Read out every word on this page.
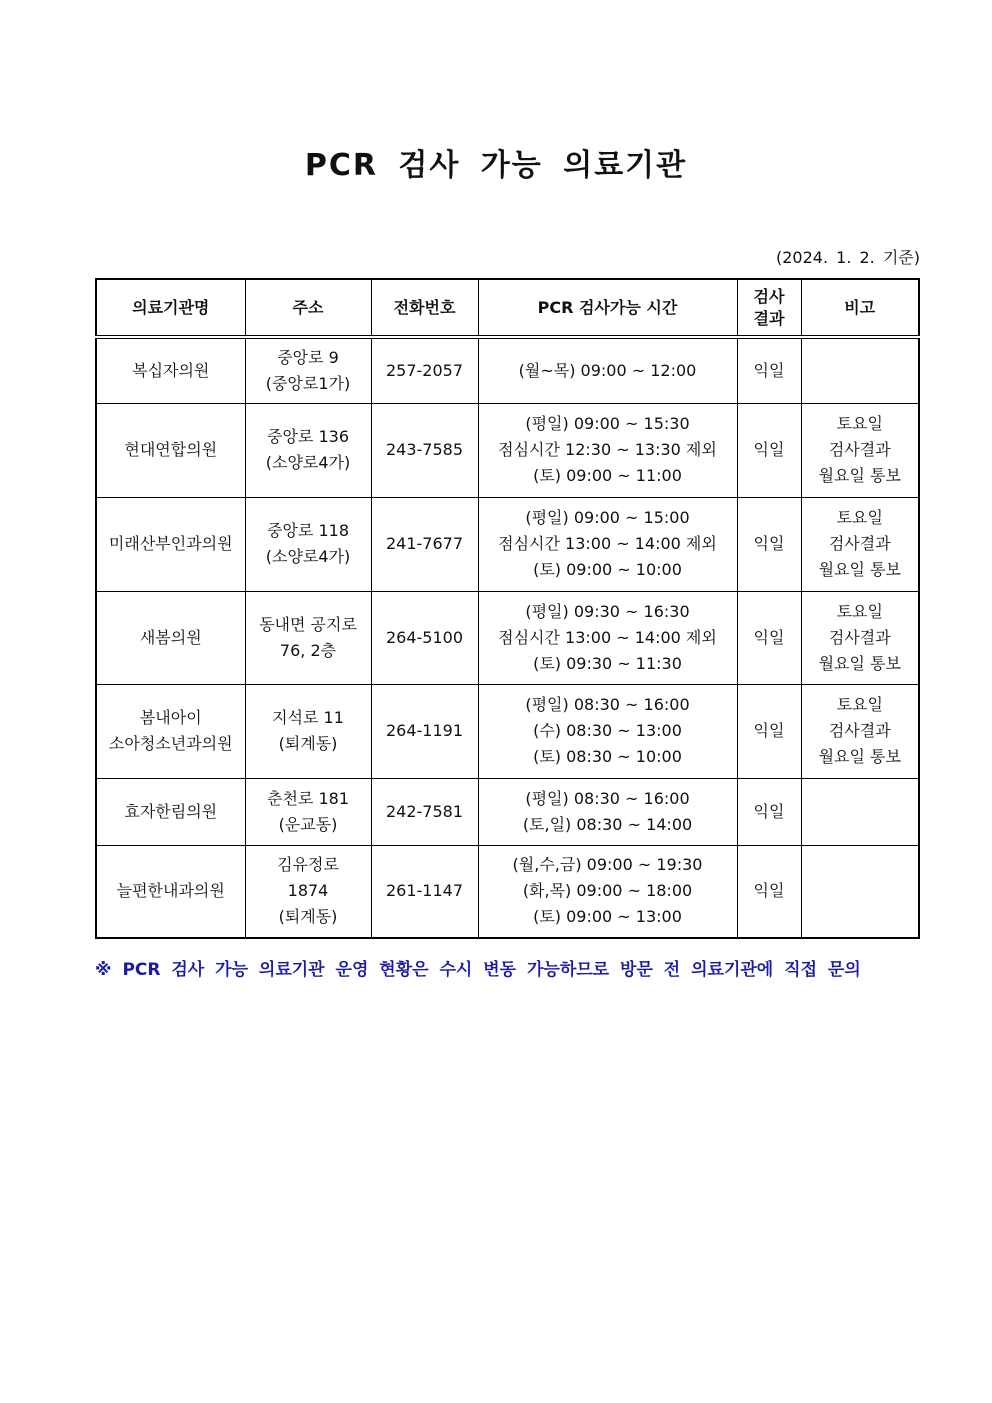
PCR 검사 가능 의료기관
(2024. 1. 2. 기준)
의료기관명	주소	전화번호	PCR 검사가능 시간	검사
결과	비고

복십자의원	중앙로 9
(중앙로1가)	257-2057	(월~목) 09:00 ~ 12:00	익일	

현대연합의원	중앙로 136
(소양로4가)	243-7585	(평일) 09:00 ~ 15:30
점심시간 12:30 ~ 13:30 제외
(토) 09:00 ~ 11:00	익일	토요일
검사결과
월요일 통보

미래산부인과의원	중앙로 118
(소양로4가)	241-7677	(평일) 09:00 ~ 15:00
점심시간 13:00 ~ 14:00 제외
(토) 09:00 ~ 10:00	익일	토요일
검사결과
월요일 통보

새봄의원	동내면 공지로
76, 2층	264-5100	(평일) 09:30 ~ 16:30
점심시간 13:00 ~ 14:00 제외
(토) 09:30 ~ 11:30	익일	토요일
검사결과
월요일 통보

봄내아이
소아청소년과의원	지석로 11
(퇴계동)	264-1191	(평일) 08:30 ~ 16:00
(수) 08:30 ~ 13:00
(토) 08:30 ~ 10:00	익일	토요일
검사결과
월요일 통보

효자한림의원	춘천로 181
(운교동)	242-7581	(평일) 08:30 ~ 16:00
(토,일) 08:30 ~ 14:00	익일	

늘편한내과의원	김유정로
1874
(퇴계동)	261-1147	(월,수,금) 09:00 ~ 19:30
(화,목) 09:00 ~ 18:00
(토) 09:00 ~ 13:00	익일	
※ PCR 검사 가능 의료기관 운영 현황은 수시 변동 가능하므로 방문 전 의료기관에 직접 문의
